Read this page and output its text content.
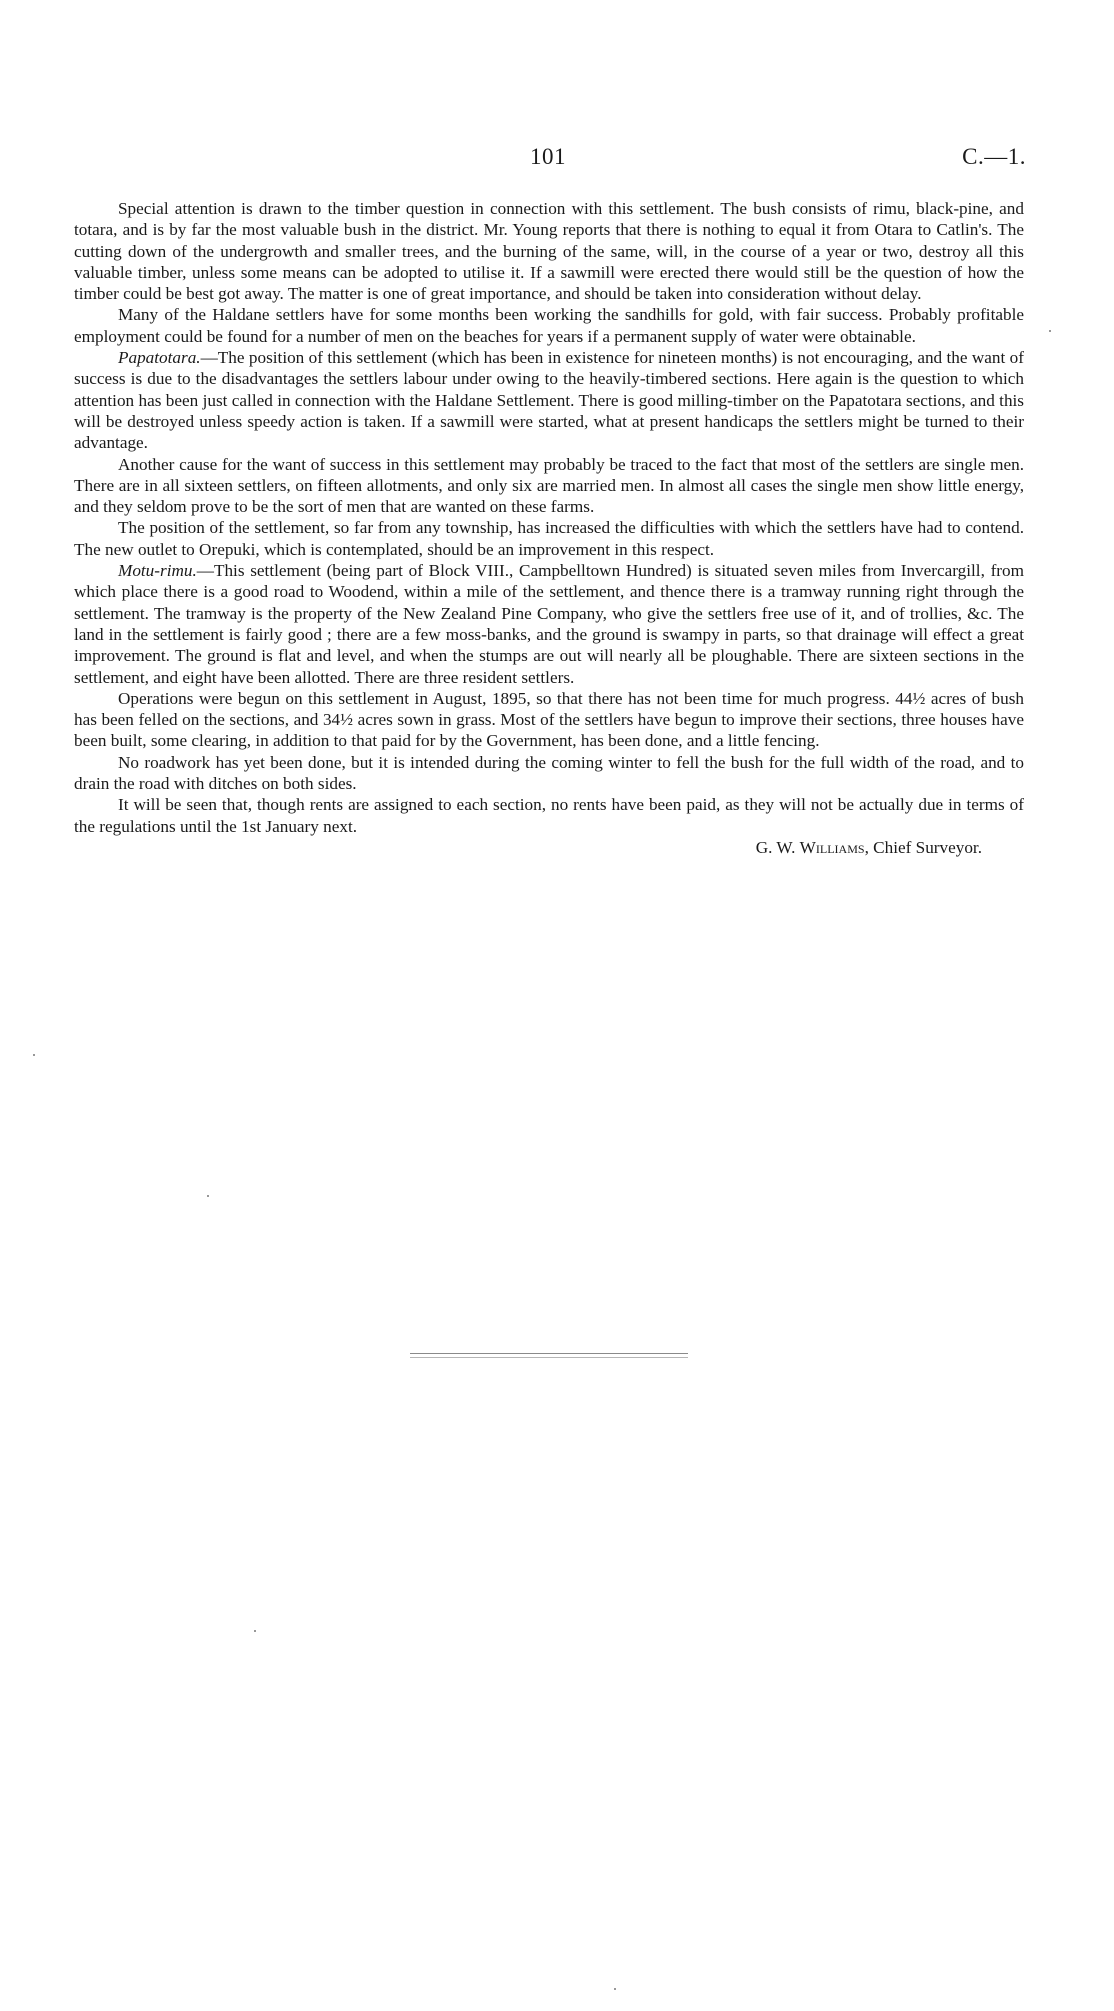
101	C.—1.

Special attention is drawn to the timber question in connection with this settlement. The bush consists of rimu, black-pine, and totara, and is by far the most valuable bush in the district. Mr. Young reports that there is nothing to equal it from Otara to Catlin's. The cutting down of the undergrowth and smaller trees, and the burning of the same, will, in the course of a year or two, destroy all this valuable timber, unless some means can be adopted to utilise it. If a sawmill were erected there would still be the question of how the timber could be best got away. The matter is one of great importance, and should be taken into consideration without delay.

Many of the Haldane settlers have for some months been working the sandhills for gold, with fair success. Probably profitable employment could be found for a number of men on the beaches for years if a permanent supply of water were obtainable.

Papatotara.—The position of this settlement (which has been in existence for nineteen months) is not encouraging, and the want of success is due to the disadvantages the settlers labour under owing to the heavily-timbered sections. Here again is the question to which attention has been just called in connection with the Haldane Settlement. There is good milling-timber on the Papatotara sections, and this will be destroyed unless speedy action is taken. If a sawmill were started, what at present handicaps the settlers might be turned to their advantage.

Another cause for the want of success in this settlement may probably be traced to the fact that most of the settlers are single men. There are in all sixteen settlers, on fifteen allotments, and only six are married men. In almost all cases the single men show little energy, and they seldom prove to be the sort of men that are wanted on these farms.

The position of the settlement, so far from any township, has increased the difficulties with which the settlers have had to contend. The new outlet to Orepuki, which is contemplated, should be an improvement in this respect.

Motu-rimu.—This settlement (being part of Block VIII., Campbelltown Hundred) is situated seven miles from Invercargill, from which place there is a good road to Woodend, within a mile of the settlement, and thence there is a tramway running right through the settlement. The tramway is the property of the New Zealand Pine Company, who give the settlers free use of it, and of trollies, &c. The land in the settlement is fairly good ; there are a few moss-banks, and the ground is swampy in parts, so that drainage will effect a great improvement. The ground is flat and level, and when the stumps are out will nearly all be ploughable. There are sixteen sections in the settlement, and eight have been allotted. There are three resident settlers.

Operations were begun on this settlement in August, 1895, so that there has not been time for much progress. 44½ acres of bush has been felled on the sections, and 34½ acres sown in grass. Most of the settlers have begun to improve their sections, three houses have been built, some clearing, in addition to that paid for by the Government, has been done, and a little fencing.

No roadwork has yet been done, but it is intended during the coming winter to fell the bush for the full width of the road, and to drain the road with ditches on both sides.

It will be seen that, though rents are assigned to each section, no rents have been paid, as they will not be actually due in terms of the regulations until the 1st January next.

G. W. Williams, Chief Surveyor.
